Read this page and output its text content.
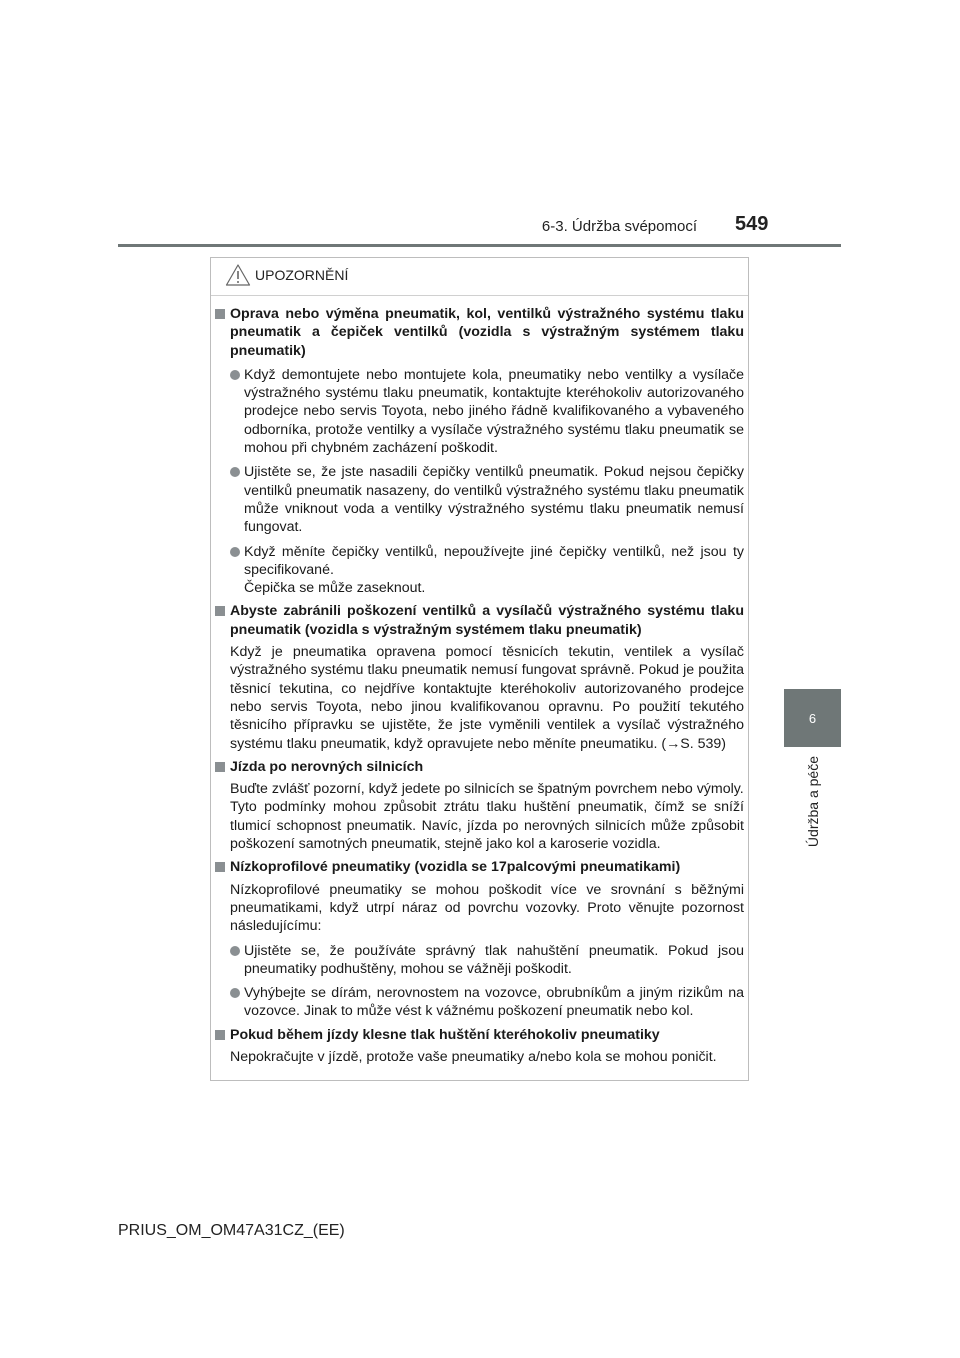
6-3. Údržba svépomocí 549
6
Údržba a péče
UPOZORNĚNÍ

Oprava nebo výměna pneumatik, kol, ventilků výstražného systému tlaku pneumatik a čepiček ventilků (vozidla s výstražným systémem tlaku pneumatik)

Když demontujete nebo montujete kola, pneumatiky nebo ventilky a vysílače výstražného systému tlaku pneumatik, kontaktujte kteréhokoliv autorizovaného prodejce nebo servis Toyota, nebo jiného řádně kvalifikovaného a vybaveného odborníka, protože ventilky a vysílače výstražného systému tlaku pneumatik se mohou při chybném zacházení poškodit.

Ujistěte se, že jste nasadili čepičky ventilků pneumatik. Pokud nejsou čepičky ventilků pneumatik nasazeny, do ventilků výstražného systému tlaku pneumatik může vniknout voda a ventilky výstražného systému tlaku pneumatik nemusí fungovat.

Když měníte čepičky ventilků, nepoužívejte jiné čepičky ventilků, než jsou ty specifikované.
Čepička se může zaseknout.

Abyste zabránili poškození ventilků a vysílačů výstražného systému tlaku pneumatik (vozidla s výstražným systémem tlaku pneumatik)

Když je pneumatika opravena pomocí těsnicích tekutin, ventilek a vysílač výstražného systému tlaku pneumatik nemusí fungovat správně. Pokud je použita těsnicí tekutina, co nejdříve kontaktujte kteréhokoliv autorizovaného prodejce nebo servis Toyota, nebo jinou kvalifikovanou opravnu. Po použití tekutého těsnicího přípravku se ujistěte, že jste vyměnili ventilek a vysílač výstražného systému tlaku pneumatik, když opravujete nebo měníte pneumatiku. (→S. 539)

Jízda po nerovných silnicích

Buďte zvlášť pozorní, když jedete po silnicích se špatným povrchem nebo výmoly.
Tyto podmínky mohou způsobit ztrátu tlaku huštění pneumatik, čímž se sníží tlumicí schopnost pneumatik. Navíc, jízda po nerovných silnicích může způsobit poškození samotných pneumatik, stejně jako kol a karoserie vozidla.

Nízkoprofilové pneumatiky (vozidla se 17palcovými pneumatikami)

Nízkoprofilové pneumatiky se mohou poškodit více ve srovnání s běžnými pneumatikami, když utrpí náraz od povrchu vozovky. Proto věnujte pozornost následujícímu:

Ujistěte se, že používáte správný tlak nahuštění pneumatik. Pokud jsou pneumatiky podhuštěny, mohou se vážněji poškodit.

Vyhýbejte se dírám, nerovnostem na vozovce, obrubníkům a jiným rizikům na vozovce. Jinak to může vést k vážnému poškození pneumatik nebo kol.

Pokud během jízdy klesne tlak huštění kteréhokoliv pneumatiky

Nepokračujte v jízdě, protože vaše pneumatiky a/nebo kola se mohou poničit.

PRIUS_OM_OM47A31CZ_(EE)
